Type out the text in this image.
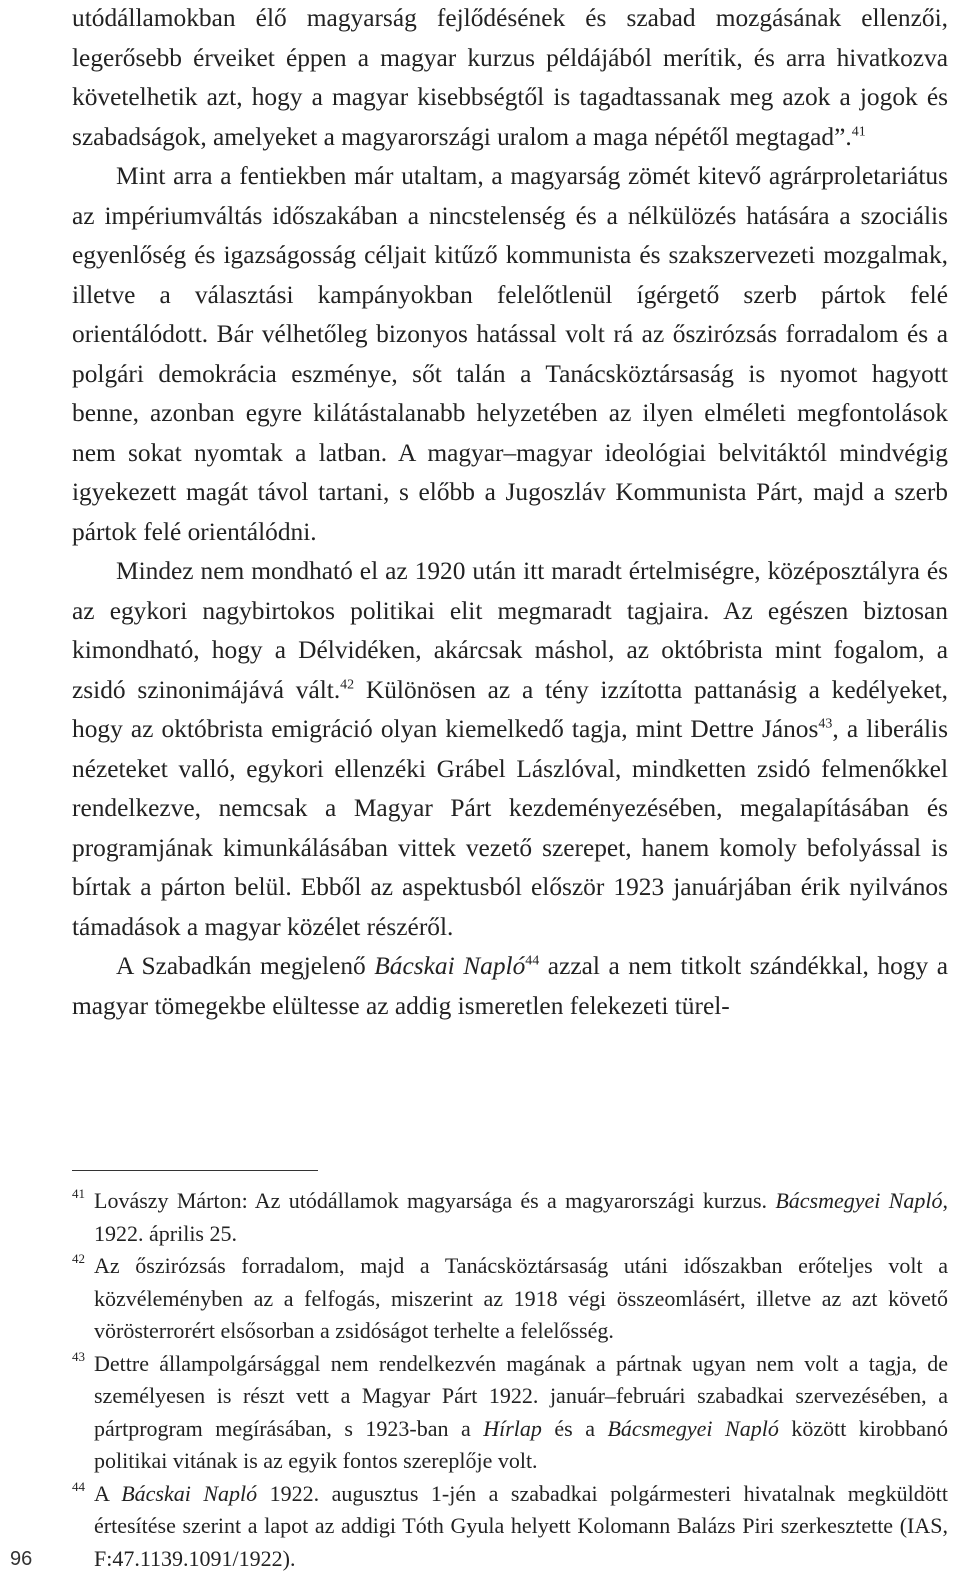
utódállamokban élő magyarság fejlődésének és szabad mozgásának ellenzői, legerősebb érveiket éppen a magyar kurzus példájából merítik, és arra hivatkozva követelhetik azt, hogy a magyar kisebbségtől is tagadtassanak meg azok a jogok és szabadságok, amelyeket a magyarországi uralom a maga népétől megtagad”.$^{41}$

Mint arra a fentiekben már utaltam, a magyarság zömét kitevő agrárproletariátus az impériumváltás időszakában a nincstelenség és a nélkülözés hatására a szociális egyenlőség és igazságosság céljait kitűző kommunista és szakszervezeti mozgalmak, illetve a választási kampányokban felelőtlenül ígérgető szerb pártok felé orientálódott. Bár vélhetőleg bizonyos hatással volt rá az őszirózsás forradalom és a polgári demokrácia eszménye, sőt talán a Tanácsköztársaság is nyomot hagyott benne, azonban egyre kilátástalanabb helyzetében az ilyen elméleti megfontolások nem sokat nyomtak a latban. A magyar–magyar ideológiai belvitáktól mindvégig igyekezett magát távol tartani, s előbb a Jugoszláv Kommunista Párt, majd a szerb pártok felé orientálódni.

Mindez nem mondható el az 1920 után itt maradt értelmiségre, középosztályra és az egykori nagybirtokos politikai elit megmaradt tagjaira. Az egészen biztosan kimondható, hogy a Délvidéken, akárcsak máshol, az októbrista mint fogalom, a zsidó szinonimájává vált.$^{42}$ Különösen az a tény izzította pattanásig a kedélyeket, hogy az októbrista emigráció olyan kiemelkedő tagja, mint Dettre János$^{43}$, a liberális nézeteket valló, egykori ellenzéki Grábel Lászlóval, mindketten zsidó felmenőkkel rendelkezve, nemcsak a Magyar Párt kezdeményezésében, megalapításában és programjának kimunkálásában vittek vezető szerepet, hanem komoly befolyással is bírtak a párton belül. Ebből az aspektusból először 1923 januárjában érik nyilvános támadások a magyar közélet részéről.

A Szabadkán megjelenő Bácskai Napló$^{44}$ azzal a nem titkolt szándékkal, hogy a magyar tömegekbe elültesse az addig ismeretlen felekezeti türel-

41 Lovászy Márton: Az utódállamok magyarsága és a magyarországi kurzus. Bácsmegyei Napló, 1922. április 25.
42 Az őszirózsás forradalom, majd a Tanácsköztársaság utáni időszakban erőteljes volt a közvéleményben az a felfogás, miszerint az 1918 végi összeomlásért, illetve az azt követő vörösterrorért elsősorban a zsidóságot terhelte a felelősség.
43 Dettre állampolgársággal nem rendelkezvén magának a pártnak ugyan nem volt a tagja, de személyesen is részt vett a Magyar Párt 1922. január–februári szabadkai szervezésében, a pártprogram megírásában, s 1923-ban a Hírlap és a Bácsmegyei Napló között kirobbanó politikai vitának is az egyik fontos szereplője volt.
44 A Bácskai Napló 1922. augusztus 1-jén a szabadkai polgármesteri hivatalnak megküldött értesítése szerint a lapot az addigi Tóth Gyula helyett Kolomann Balázs Piri szerkesztette (IAS, F:47.1139.1091/1922).
96
